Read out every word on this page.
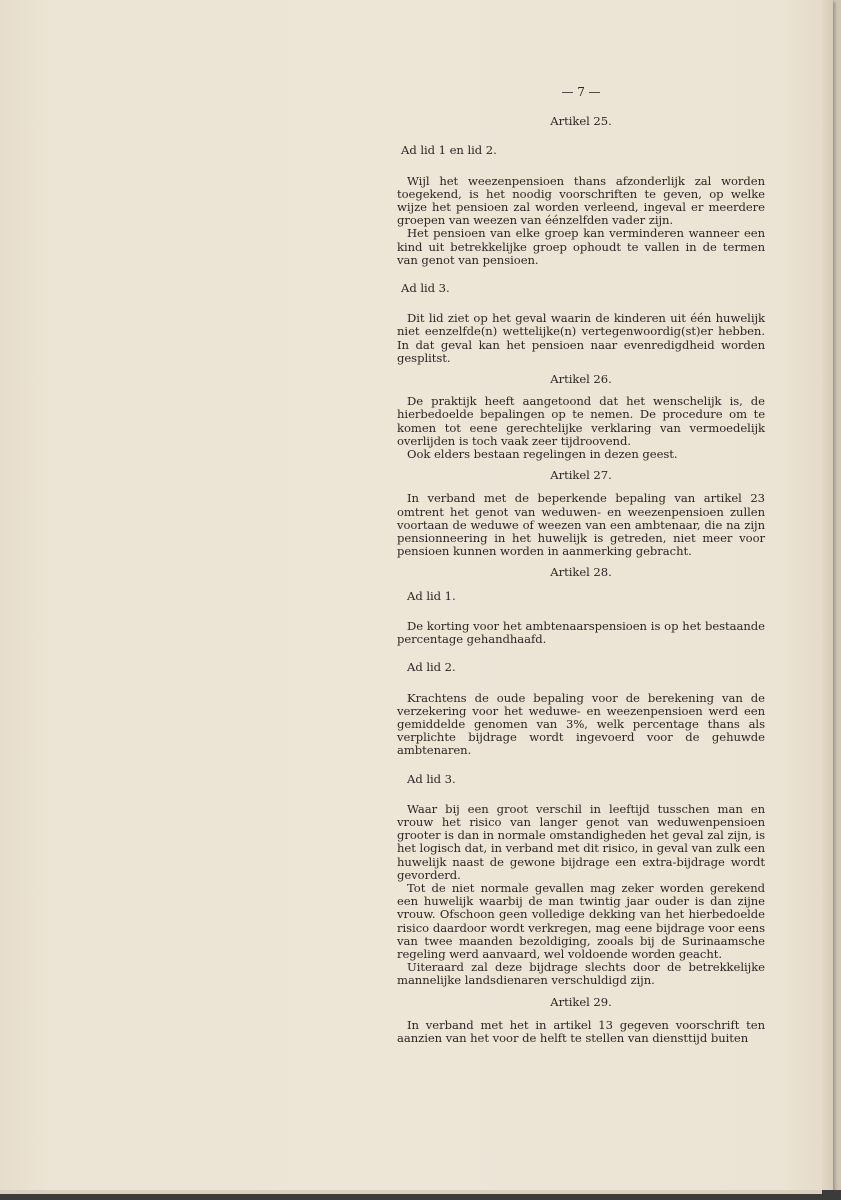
— 7 —
Artikel 25.
Ad lid 1 en lid 2.

Wijl het weezenpensioen thans afzonderlijk zal worden toegekend, is het noodig voorschriften te geven, op welke wijze het pensioen zal worden verleend, ingeval er meerdere groepen van weezen van éénzelfden vader zijn.

Het pensioen van elke groep kan verminderen wanneer een kind uit betrekkelijke groep ophoudt te vallen in de termen van genot van pensioen.

Ad lid 3.

Dit lid ziet op het geval waarin de kinderen uit één huwelijk niet eenzelfde(n) wettelijke(n) vertegenwoordig(st)er hebben. In dat geval kan het pensioen naar evenredigdheid worden gesplitst.

Artikel 26.

De praktijk heeft aangetoond dat het wenschelijk is, de hierbedoelde bepalingen op te nemen. De procedure om te komen tot eene gerechtelijke verklaring van vermoedelijk overlijden is toch vaak zeer tijdroovend.

Ook elders bestaan regelingen in dezen geest.

Artikel 27.

In verband met de beperkende bepaling van artikel 23 omtrent het genot van weduwen- en weezenpensioen zullen voortaan de weduwe of weezen van een ambtenaar, die na zijn pensionneering in het huwelijk is getreden, niet meer voor pensioen kunnen worden in aanmerking gebracht.

Artikel 28.
Ad lid 1.

De korting voor het ambtenaarspensioen is op het bestaande percentage gehandhaafd.

Ad lid 2.

Krachtens de oude bepaling voor de berekening van de verzekering voor het weduwe- en weezenpensioen werd een gemiddelde genomen van 3%, welk percentage thans als verplichte bijdrage wordt ingevoerd voor de gehuwde ambtenaren.

Ad lid 3.

Waar bij een groot verschil in leeftijd tusschen man en vrouw het risico van langer genot van weduwenpensioen grooter is dan in normale omstandigheden het geval zal zijn, is het logisch dat, in verband met dit risico, in geval van zulk een huwelijk naast de gewone bijdrage een extra-bijdrage wordt gevorderd.

Tot de niet normale gevallen mag zeker worden gerekend een huwelijk waarbij de man twintig jaar ouder is dan zijne vrouw. Ofschoon geen volledige dekking van het hierbedoelde risico daardoor wordt verkregen, mag eene bijdrage voor eens van twee maanden bezoldiging, zooals bij de Surinaamsche regeling werd aanvaard, wel voldoende worden geacht.

Uiteraard zal deze bijdrage slechts door de betrekkelijke mannelijke landsdienaren verschuldigd zijn.

Artikel 29.

In verband met het in artikel 13 gegeven voorschrift ten aanzien van het voor de helft te stellen van diensttijd buiten
